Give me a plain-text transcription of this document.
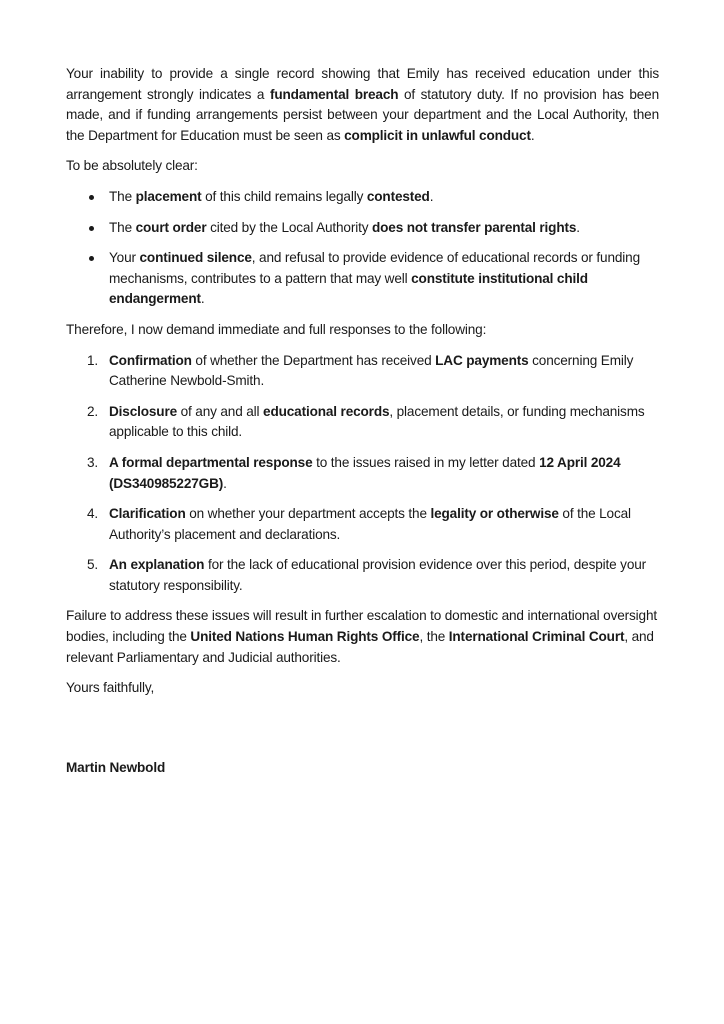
Your inability to provide a single record showing that Emily has received education under this arrangement strongly indicates a fundamental breach of statutory duty. If no provision has been made, and if funding arrangements persist between your department and the Local Authority, then the Department for Education must be seen as complicit in unlawful conduct.

To be absolutely clear:

The placement of this child remains legally contested.
The court order cited by the Local Authority does not transfer parental rights.
Your continued silence, and refusal to provide evidence of educational records or funding mechanisms, contributes to a pattern that may well constitute institutional child endangerment.

Therefore, I now demand immediate and full responses to the following:

1. Confirmation of whether the Department has received LAC payments concerning Emily Catherine Newbold-Smith.
2. Disclosure of any and all educational records, placement details, or funding mechanisms applicable to this child.
3. A formal departmental response to the issues raised in my letter dated 12 April 2024 (DS340985227GB).
4. Clarification on whether your department accepts the legality or otherwise of the Local Authority’s placement and declarations.
5. An explanation for the lack of educational provision evidence over this period, despite your statutory responsibility.

Failure to address these issues will result in further escalation to domestic and international oversight bodies, including the United Nations Human Rights Office, the International Criminal Court, and relevant Parliamentary and Judicial authorities.

Yours faithfully,

Martin Newbold
